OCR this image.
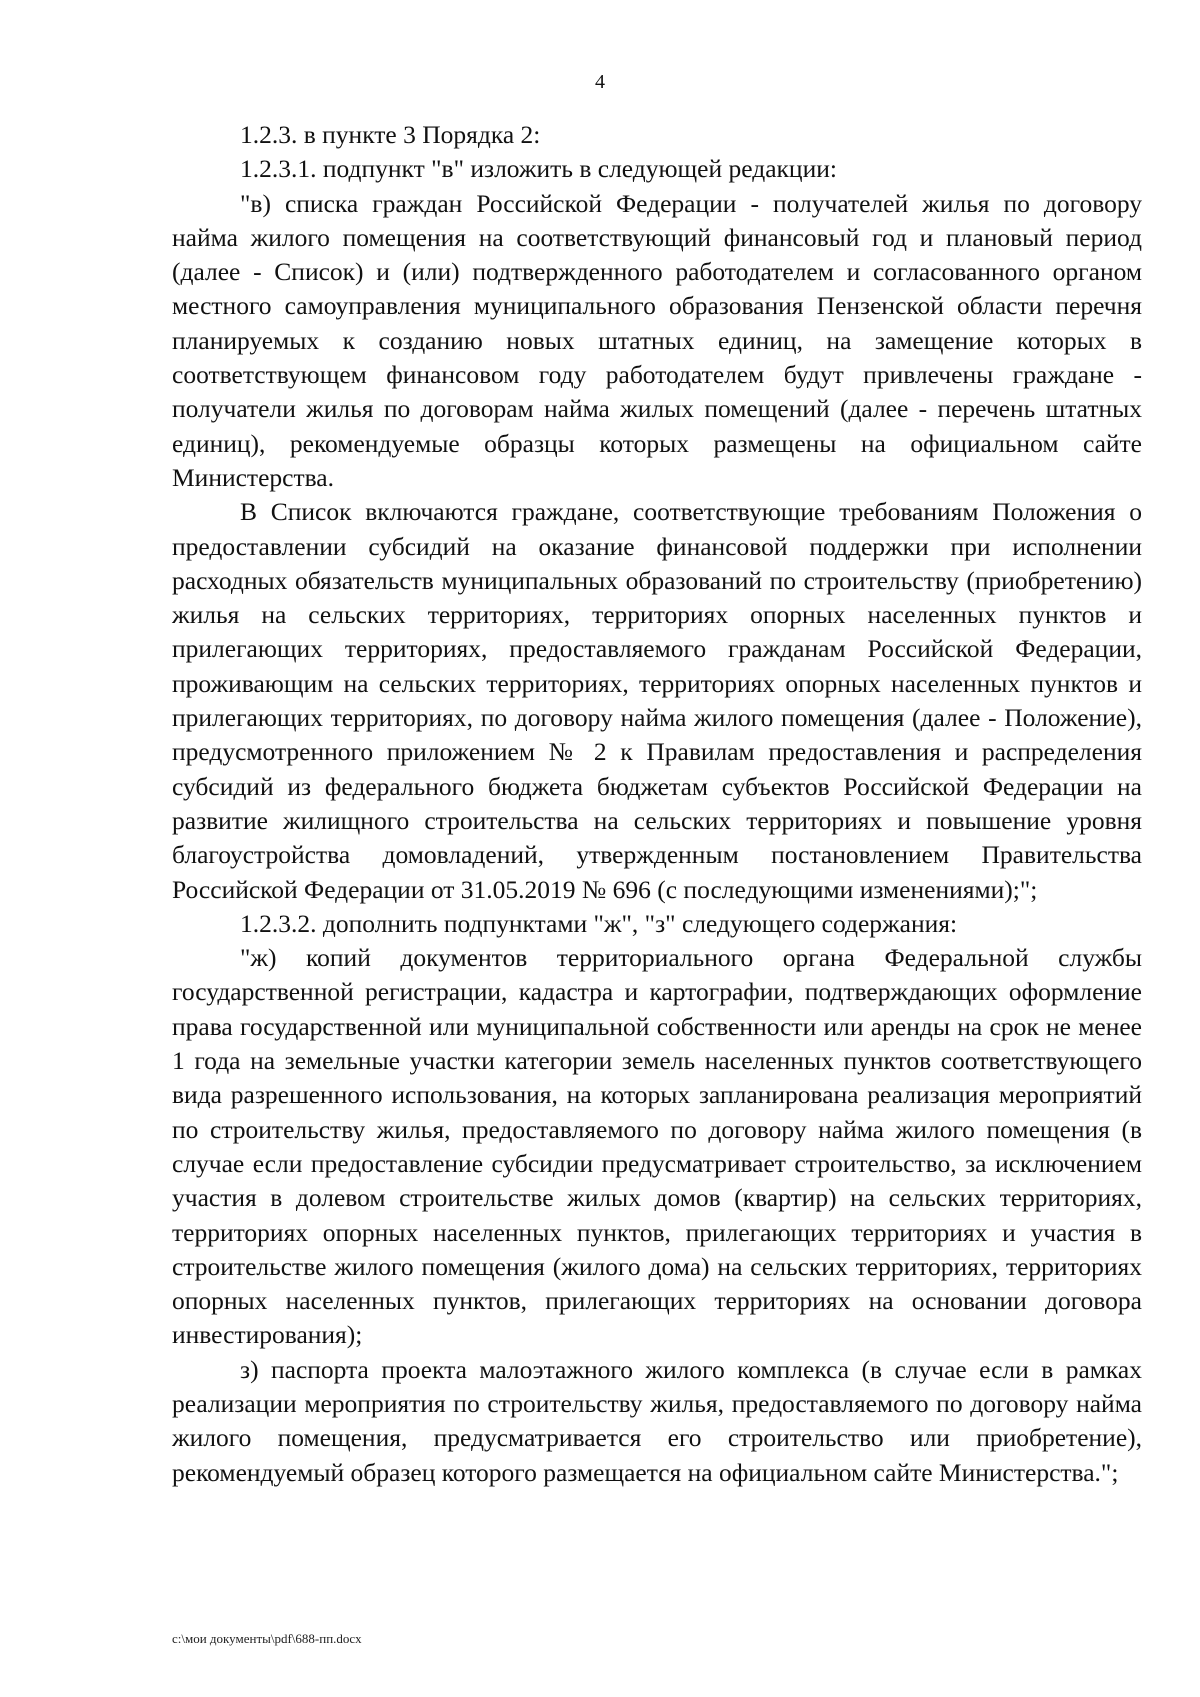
4

1.2.3. в пункте 3 Порядка 2:

1.2.3.1. подпункт "в" изложить в следующей редакции:

"в) списка граждан Российской Федерации - получателей жилья по договору найма жилого помещения на соответствующий финансовый год и плановый период (далее - Список) и (или) подтвержденного работодателем и согласованного органом местного самоуправления муниципального образования Пензенской области перечня планируемых к созданию новых штатных единиц, на замещение которых в соответствующем финансовом году работодателем будут привлечены граждане - получатели жилья по договорам найма жилых помещений (далее - перечень штатных единиц), рекомендуемые образцы которых размещены на официальном сайте Министерства.

В Список включаются граждане, соответствующие требованиям Положения о предоставлении субсидий на оказание финансовой поддержки при исполнении расходных обязательств муниципальных образований по строительству (приобретению) жилья на сельских территориях, территориях опорных населенных пунктов и прилегающих территориях, предоставляемого гражданам Российской Федерации, проживающим на сельских территориях, территориях опорных населенных пунктов и прилегающих территориях, по договору найма жилого помещения (далее - Положение), предусмотренного приложением № 2 к Правилам предоставления и распределения субсидий из федерального бюджета бюджетам субъектов Российской Федерации на развитие жилищного строительства на сельских территориях и повышение уровня благоустройства домовладений, утвержденным постановлением Правительства Российской Федерации от 31.05.2019 № 696 (с последующими изменениями);";

1.2.3.2. дополнить подпунктами "ж", "з" следующего содержания:

"ж) копий документов территориального органа Федеральной службы государственной регистрации, кадастра и картографии, подтверждающих оформление права государственной или муниципальной собственности или аренды на срок не менее 1 года на земельные участки категории земель населенных пунктов соответствующего вида разрешенного использования, на которых запланирована реализация мероприятий по строительству жилья, предоставляемого по договору найма жилого помещения (в случае если предоставление субсидии предусматривает строительство, за исключением участия в долевом строительстве жилых домов (квартир) на сельских территориях, территориях опорных населенных пунктов, прилегающих территориях и участия в строительстве жилого помещения (жилого дома) на сельских территориях, территориях опорных населенных пунктов, прилегающих территориях на основании договора инвестирования);

з) паспорта проекта малоэтажного жилого комплекса (в случае если в рамках реализации мероприятия по строительству жилья, предоставляемого по договору найма жилого помещения, предусматривается его строительство или приобретение), рекомендуемый образец которого размещается на официальном сайте Министерства.";

c:\мои документы\pdf\688-пп.docx
